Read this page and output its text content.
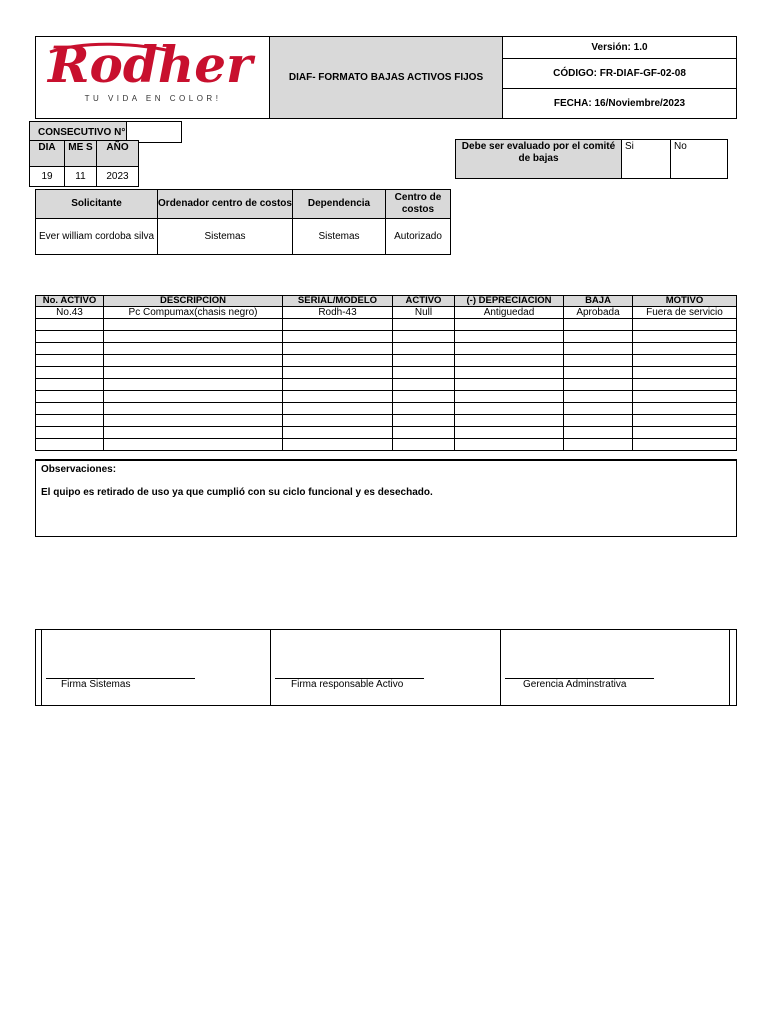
Rodher
TU VIDA EN COLOR!
	DIAF- FORMATO BAJAS ACTIVOS FIJOS	Versión: 1.0
CÓDIGO: FR-DIAF-GF-02-08
FECHA: 16/Noviembre/2023
CONSECUTIVO N°	
DIA	ME S	AÑO
19	11	2023
Debe ser evaluado por el comité de bajas	Si	No
Solicitante	Ordenador centro de costos	Dependencia	Centro de costos
Ever william cordoba silva	Sistemas	Sistemas	Autorizado
No. ACTIVO	DESCRIPCION	SERIAL/MODELO	ACTIVO	(-) DEPRECIACION	BAJA	MOTIVO
No.43	Pc Compumax(chasis negro)	Rodh-43	Null	Antiguedad	Aprobada	Fuera de servicio

Observaciones:
El quipo es retirado de uso ya que cumplió con su ciclo funcional y es desechado.
Firma Sistemas	Firma responsable Activo	Gerencia Adminstrativa
